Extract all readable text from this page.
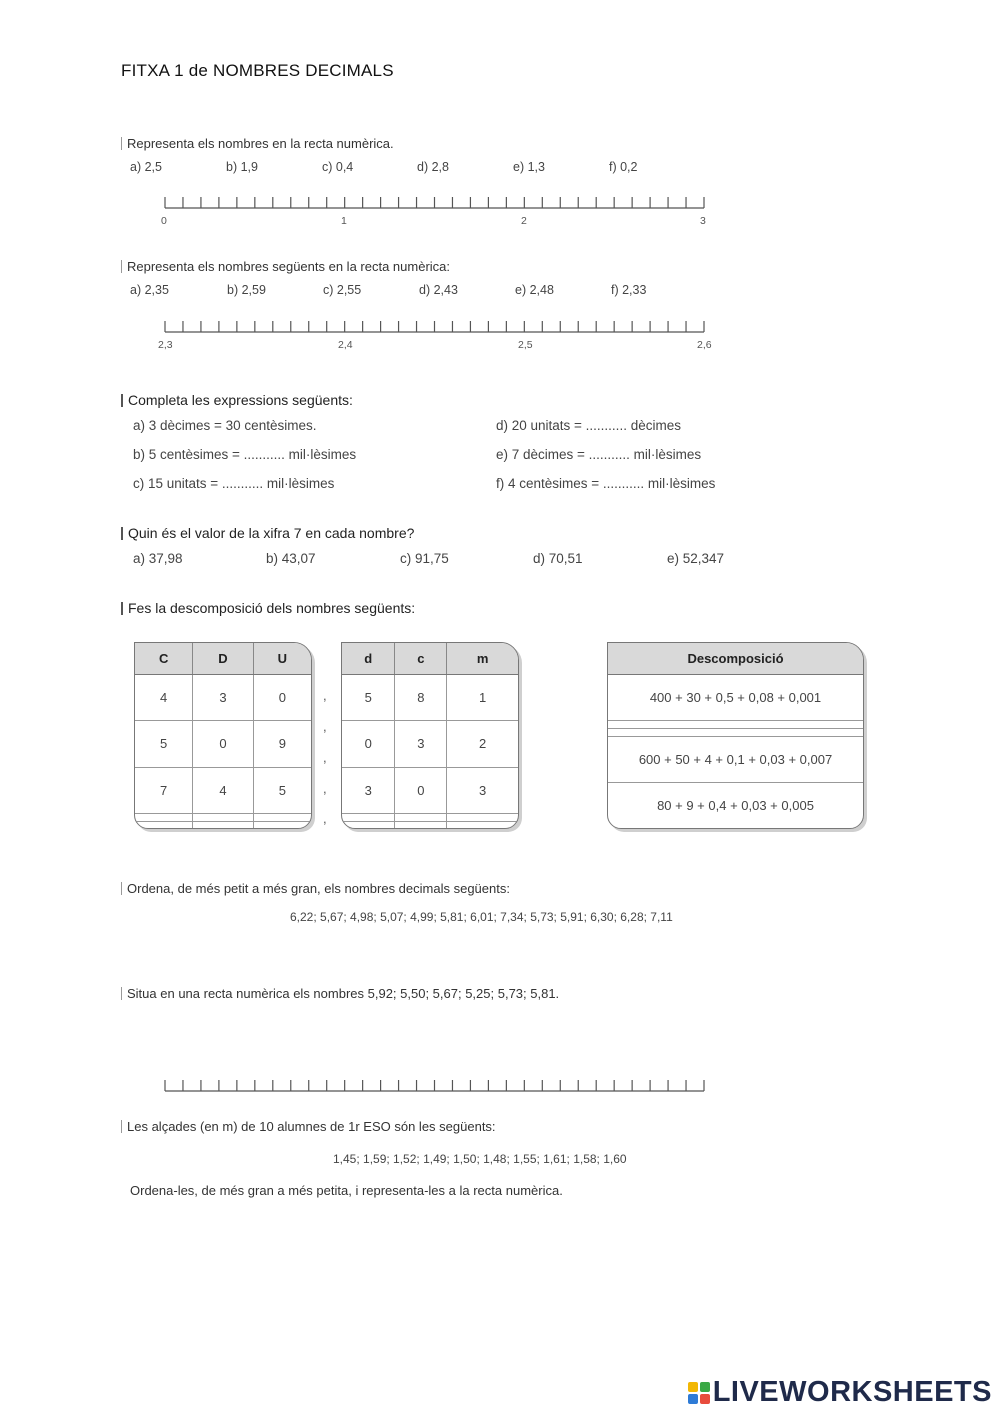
FITXA 1 de NOMBRES DECIMALS
Representa els nombres en la recta numèrica.
a) 2,5	b) 1,9	c) 0,4	d) 2,8	e) 1,3	f) 0,2
0	1	2	3
Representa els nombres següents en la recta numèrica:
a) 2,35	b) 2,59	c) 2,55	d) 2,43	e) 2,48	f) 2,33
2,3	2,4	2,5	2,6
Completa les expressions següents:
a) 3 dècimes = 30 centèsimes.
b) 5 centèsimes = ........... mil·lèsimes
c) 15 unitats = ........... mil·lèsimes
d) 20 unitats = ........... dècimes
e) 7 dècimes = ........... mil·lèsimes
f) 4 centèsimes = ........... mil·lèsimes
Quin és el valor de la xifra 7 en cada nombre?
a) 37,98	b) 43,07	c) 91,75	d) 70,51	e) 52,347
Fes la descomposició dels nombres següents:
C	D	U
4	3	0
5	0	9
7	4	5

,
,
,
,
,
d	c	m
5	8	1
0	3	2
3	0	3

Descomposició
400 + 30 + 0,5 + 0,08 + 0,001

600 + 50 + 4 + 0,1 + 0,03 + 0,007
80 + 9 + 0,4 + 0,03 + 0,005
Ordena, de més petit a més gran, els nombres decimals següents:
6,22; 5,67; 4,98; 5,07; 4,99; 5,81; 6,01; 7,34; 5,73; 5,91; 6,30; 6,28; 7,11
Situa en una recta numèrica els nombres 5,92; 5,50; 5,67; 5,25; 5,73; 5,81.
Les alçades (en m) de 10 alumnes de 1r ESO són les següents:
1,45; 1,59; 1,52; 1,49; 1,50; 1,48; 1,55; 1,61; 1,58; 1,60
Ordena-les, de més gran a més petita, i representa-les a la recta numèrica.
LIVEWORKSHEETS
